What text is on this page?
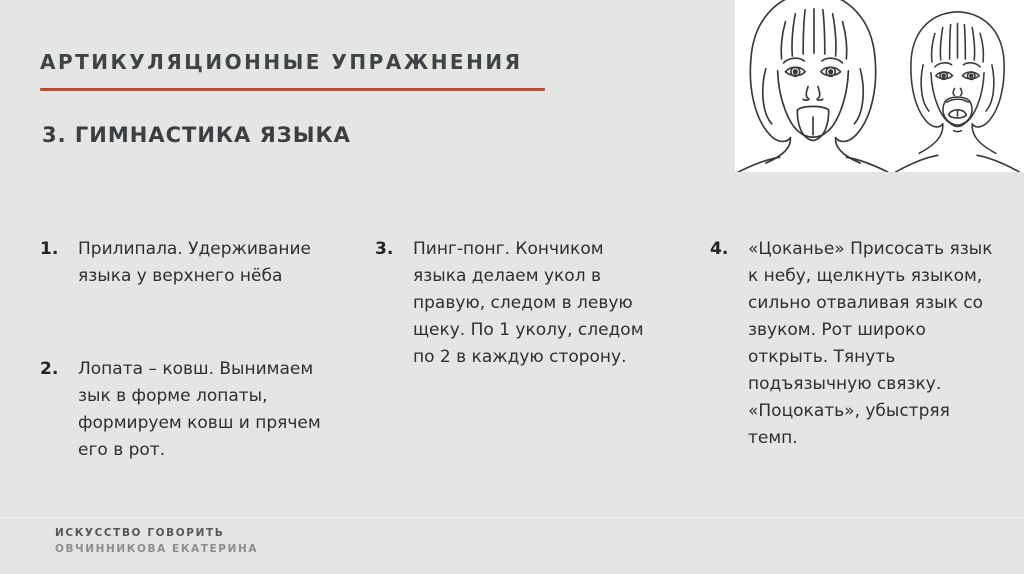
АРТИКУЛЯЦИОННЫЕ УПРАЖНЕНИЯ
3. ГИМНАСТИКА ЯЗЫКА
1.	Прилипала. Удерживание языка у верхнего нёба
2.	Лопата – ковш. Вынимаем зык в форме лопаты, формируем ковш и прячем его в рот.
3.	Пинг-понг. Кончиком языка делаем укол в правую, следом в левую щеку. По 1 уколу, следом по 2 в каждую сторону.
4.	«Цоканье» Присосать язык к небу, щелкнуть языком, сильно отваливая язык со звуком. Рот широко открыть. Тянуть подъязычную связку. «Поцокать», убыстряя темп.
ИСКУССТВО ГОВОРИТЬ
ОВЧИННИКОВА ЕКАТЕРИНА
